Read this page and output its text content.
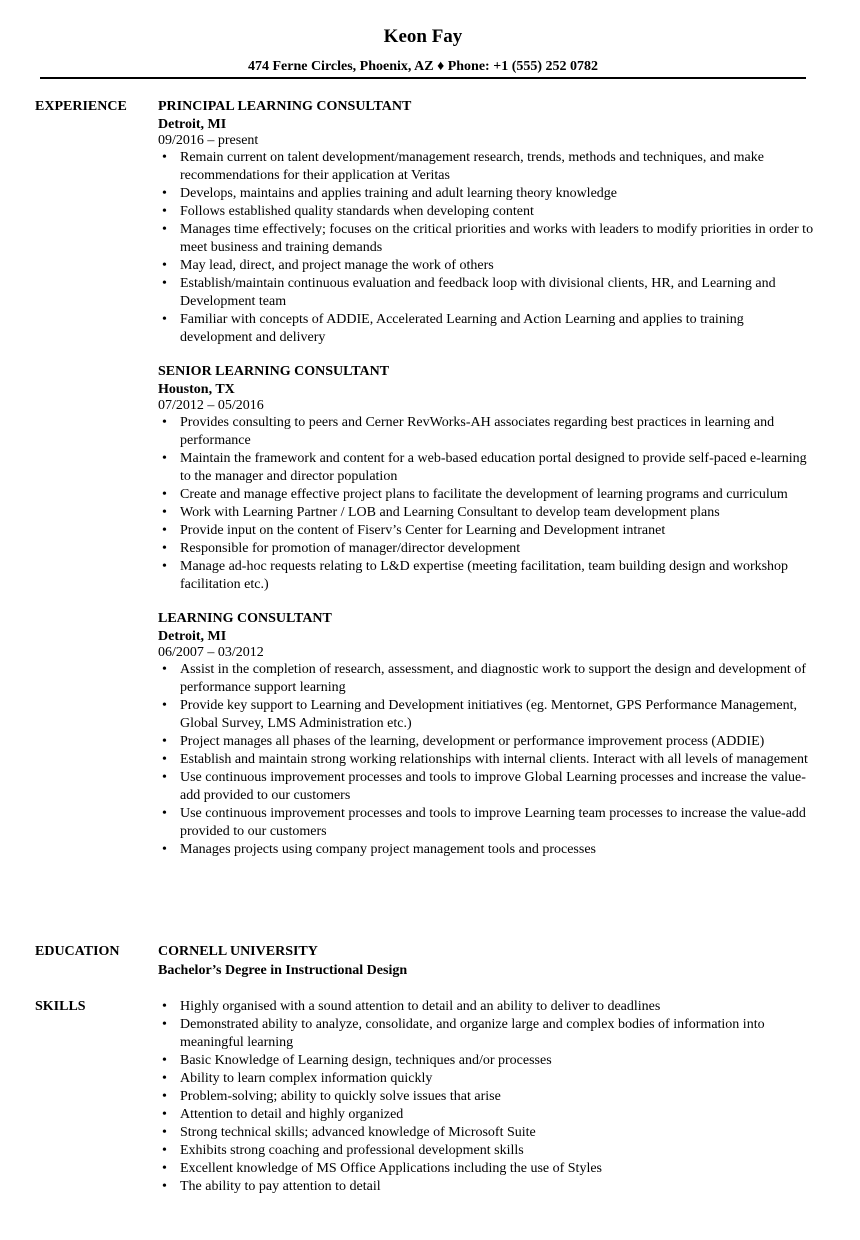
Keon Fay
474 Ferne Circles, Phoenix, AZ ♦ Phone: +1 (555) 252 0782
EXPERIENCE PRINCIPAL LEARNING CONSULTANT
Detroit, MI
09/2016 – present
• Remain current on talent development/management research, trends, methods and techniques, and make recommendations for their application at Veritas
• Develops, maintains and applies training and adult learning theory knowledge
• Follows established quality standards when developing content
• Manages time effectively; focuses on the critical priorities and works with leaders to modify priorities in order to meet business and training demands
• May lead, direct, and project manage the work of others
• Establish/maintain continuous evaluation and feedback loop with divisional clients, HR, and Learning and Development team
• Familiar with concepts of ADDIE, Accelerated Learning and Action Learning and applies to training development and delivery
SENIOR LEARNING CONSULTANT
Houston, TX
07/2012 – 05/2016
• Provides consulting to peers and Cerner RevWorks-AH associates regarding best practices in learning and performance
• Maintain the framework and content for a web-based education portal designed to provide self-paced e-learning to the manager and director population
• Create and manage effective project plans to facilitate the development of learning programs and curriculum
• Work with Learning Partner / LOB and Learning Consultant to develop team development plans
• Provide input on the content of Fiserv’s Center for Learning and Development intranet
• Responsible for promotion of manager/director development
• Manage ad-hoc requests relating to L&D expertise (meeting facilitation, team building design and workshop facilitation etc.)
LEARNING CONSULTANT
Detroit, MI
06/2007 – 03/2012
• Assist in the completion of research, assessment, and diagnostic work to support the design and development of performance support learning
• Provide key support to Learning and Development initiatives (eg. Mentornet, GPS Performance Management, Global Survey, LMS Administration etc.)
• Project manages all phases of the learning, development or performance improvement process (ADDIE)
• Establish and maintain strong working relationships with internal clients. Interact with all levels of management
• Use continuous improvement processes and tools to improve Global Learning processes and increase the value-add provided to our customers
• Use continuous improvement processes and tools to improve Learning team processes to increase the value-add provided to our customers
• Manages projects using company project management tools and processes
EDUCATION	CORNELL UNIVERSITY
Bachelor’s Degree in Instructional Design
SKILLS
•	Highly organised with a sound attention to detail and an ability to deliver to deadlines
• Demonstrated ability to analyze, consolidate, and organize large and complex bodies of information into meaningful learning
• Basic Knowledge of Learning design, techniques and/or processes
• Ability to learn complex information quickly
• Problem-solving; ability to quickly solve issues that arise
• Attention to detail and highly organized
• Strong technical skills; advanced knowledge of Microsoft Suite
• Exhibits strong coaching and professional development skills
• Excellent knowledge of MS Office Applications including the use of Styles
• The ability to pay attention to detail
